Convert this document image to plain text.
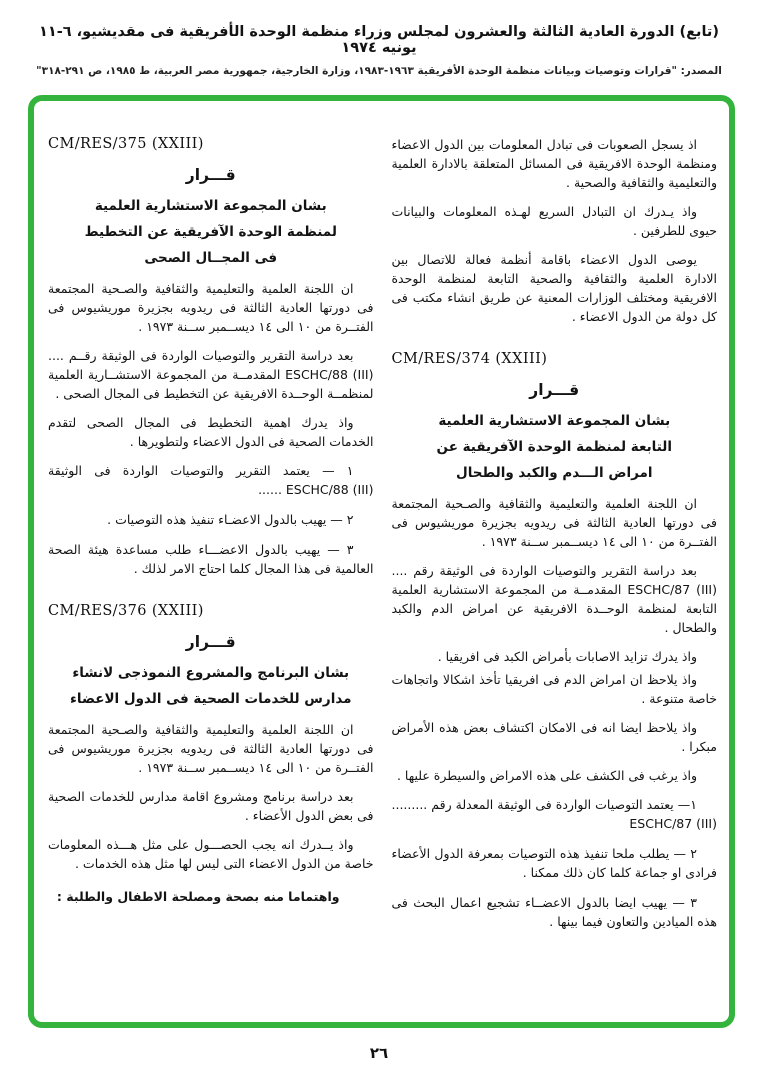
(تابع) الدورة العادية الثالثة والعشرون لمجلس وزراء منظمة الوحدة الأفريقية فى مقديشيو، ٦-١١ يونيه ١٩٧٤
المصدر: "قرارات وتوصيات وبيانات منظمة الوحدة الأفريقية ١٩٦٣-١٩٨٣، وزارة الخارجية، جمهورية مصر العربية، ط ١٩٨٥، ص ٢٩١-٣١٨"

اذ يسجل الصعوبات فى تبادل المعلومات بين الدول الاعضاء ومنظمة الوحدة الافريقية فى المسائل المتعلقة بالادارة العلمية والتعليمية والثقافية والصحية .

واذ يـدرك ان التبادل السريع لهـذه المعلومات والبيانات حيوى للطرفين .

يوصى الدول الاعضاء باقامة أنظمة فعالة للاتصال بين الادارة العلمية والثقافية والصحية التابعة لمنظمة الوحدة الافريقية ومختلف الوزارات المعنية عن طريق انشاء مكتب فى كل دولة من الدول الاعضاء .

CM/RES/374 (XXIII)
قـــرار
بشان المجموعة الاستشارية العلمية
التابعة لمنظمة الوحدة الآفريقية عن
امراض الـــدم والكبد والطحال

ان اللجنة العلمية والتعليمية والثقافية والصـحية المجتمعة فى دورتها العادية الثالثة فى ريدويه بجزيرة موريشيوس فى الفتــرة من ١٠ الى ١٤ ديســمبر ســنة ١٩٧٣ .

بعد دراسة التقرير والتوصيات الواردة فى الوثيقة رقم .... ‎ESCHC/87 (III)‎ المقدمــة من المجموعة الاستشارية العلمية التابعة لمنظمة الوحــدة الافريقية عن امراض الدم والكبد والطحال .

واذ يدرك تزايد الاصابات بأمراض الكبد فى افريقيا .

واذ يلاحظ ان امراض الدم فى افريقيا تأخذ اشكالا واتجاهات خاصة متنوعة .

واذ يلاحظ ايضا انه فى الامكان اكتشاف بعض هذه الأمراض مبكرا .

واذ يرغب فى الكشف على هذه الامراض والسيطرة عليها .

١— يعتمد التوصيات الواردة فى الوثيقة المعدلة رقم ......... ‎ESCHC/87 (III)‎

٢ — يطلب ملحا تنفيذ هذه التوصيات بمعرفة الدول الأعضاء فرادى او جماعة كلما كان ذلك ممكنا .

٣ — يهيب ايضا بالدول الاعضــاء تشجيع اعمال البحث فى هذه الميادين والتعاون فيما بينها .

CM/RES/375 (XXIII)
قـــرار
بشان المجموعة الاستشارية العلمية
لمنظمة الوحدة الآفريقية عن التخطيط
فى المجــال الصحى

ان اللجنة العلمية والتعليمية والثقافية والصـحية المجتمعة فى دورتها العادية الثالثة فى ريدويه بجزيرة موريشيوس فى الفتــرة من ١٠ الى ١٤ ديســمبر ســنة ١٩٧٣ .

بعد دراسة التقرير والتوصيات الواردة فى الوثيقة رقــم .... ‎ESCHC/88 (III)‎ المقدمــة من المجموعة الاستشــارية العلمية لمنظمــة الوحــدة الافريقية عن التخطيط فى المجال الصحى .

واذ يدرك اهمية التخطيط فى المجال الصحى لتقدم الخدمات الصحية فى الدول الاعضاء ولتطويرها .

١ — يعتمد التقرير والتوصيات الواردة فى الوثيقة ‎ESCHC/88 (III)‎ ......

٢ — يهيب بالدول الاعضـاء تنفيذ هذه التوصيات .

٣ — يهيب بالدول الاعضـــاء طلب مساعدة هيئة الصحة العالمية فى هذا المجال كلما احتاج الامر لذلك .

CM/RES/376 (XXIII)
قـــرار
بشان البرنامج والمشروع النموذجى لانشاء
مدارس للخدمات الصحية فى الدول الاعضاء

ان اللجنة العلمية والتعليمية والثقافية والصـحية المجتمعة فى دورتها العادية الثالثة فى ريدويه بجزيرة موريشيوس فى الفتــرة من ١٠ الى ١٤ ديســمبر ســنة ١٩٧٣ .

بعد دراسة برنامج ومشروع اقامة مدارس للخدمات الصحية فى بعض الدول الأعضاء .

واذ يــدرك انه يجب الحصـــول على مثل هـــذه المعلومات خاصة من الدول الاعضاء التى ليس لها مثل هذه الخدمات .

واهتماما منه بصحة ومصلحة الاطفال والطلبة :

٢٦
